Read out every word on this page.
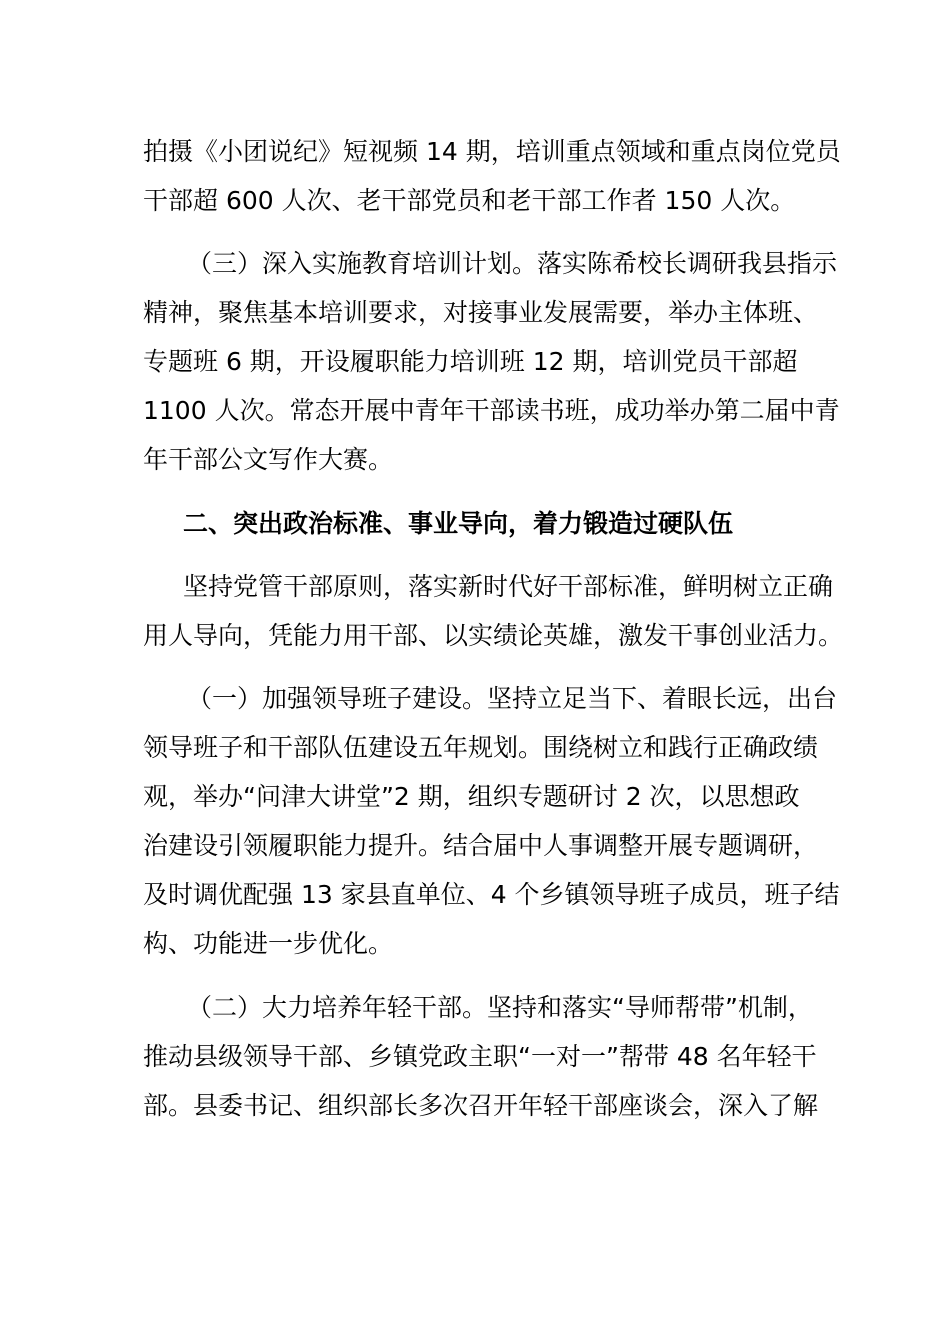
拍摄《小团说纪》短视频 14 期，培训重点领域和重点岗位党员
干部超 600 人次、老干部党员和老干部工作者 150 人次。
（三）深入实施教育培训计划。落实陈希校长调研我县指示
精神，聚焦基本培训要求，对接事业发展需要，举办主体班、
专题班 6 期，开设履职能力培训班 12 期，培训党员干部超
1100 人次。常态开展中青年干部读书班，成功举办第二届中青
年干部公文写作大赛。
二、突出政治标准、事业导向，着力锻造过硬队伍
坚持党管干部原则，落实新时代好干部标准，鲜明树立正确
用人导向，凭能力用干部、以实绩论英雄，激发干事创业活力。
（一）加强领导班子建设。坚持立足当下、着眼长远，出台
领导班子和干部队伍建设五年规划。围绕树立和践行正确政绩
观，举办“问津大讲堂”2 期，组织专题研讨 2 次，以思想政
治建设引领履职能力提升。结合届中人事调整开展专题调研，
及时调优配强 13 家县直单位、4 个乡镇领导班子成员，班子结
构、功能进一步优化。
（二）大力培养年轻干部。坚持和落实“导师帮带”机制，
推动县级领导干部、乡镇党政主职“一对一”帮带 48 名年轻干
部。县委书记、组织部长多次召开年轻干部座谈会，深入了解
